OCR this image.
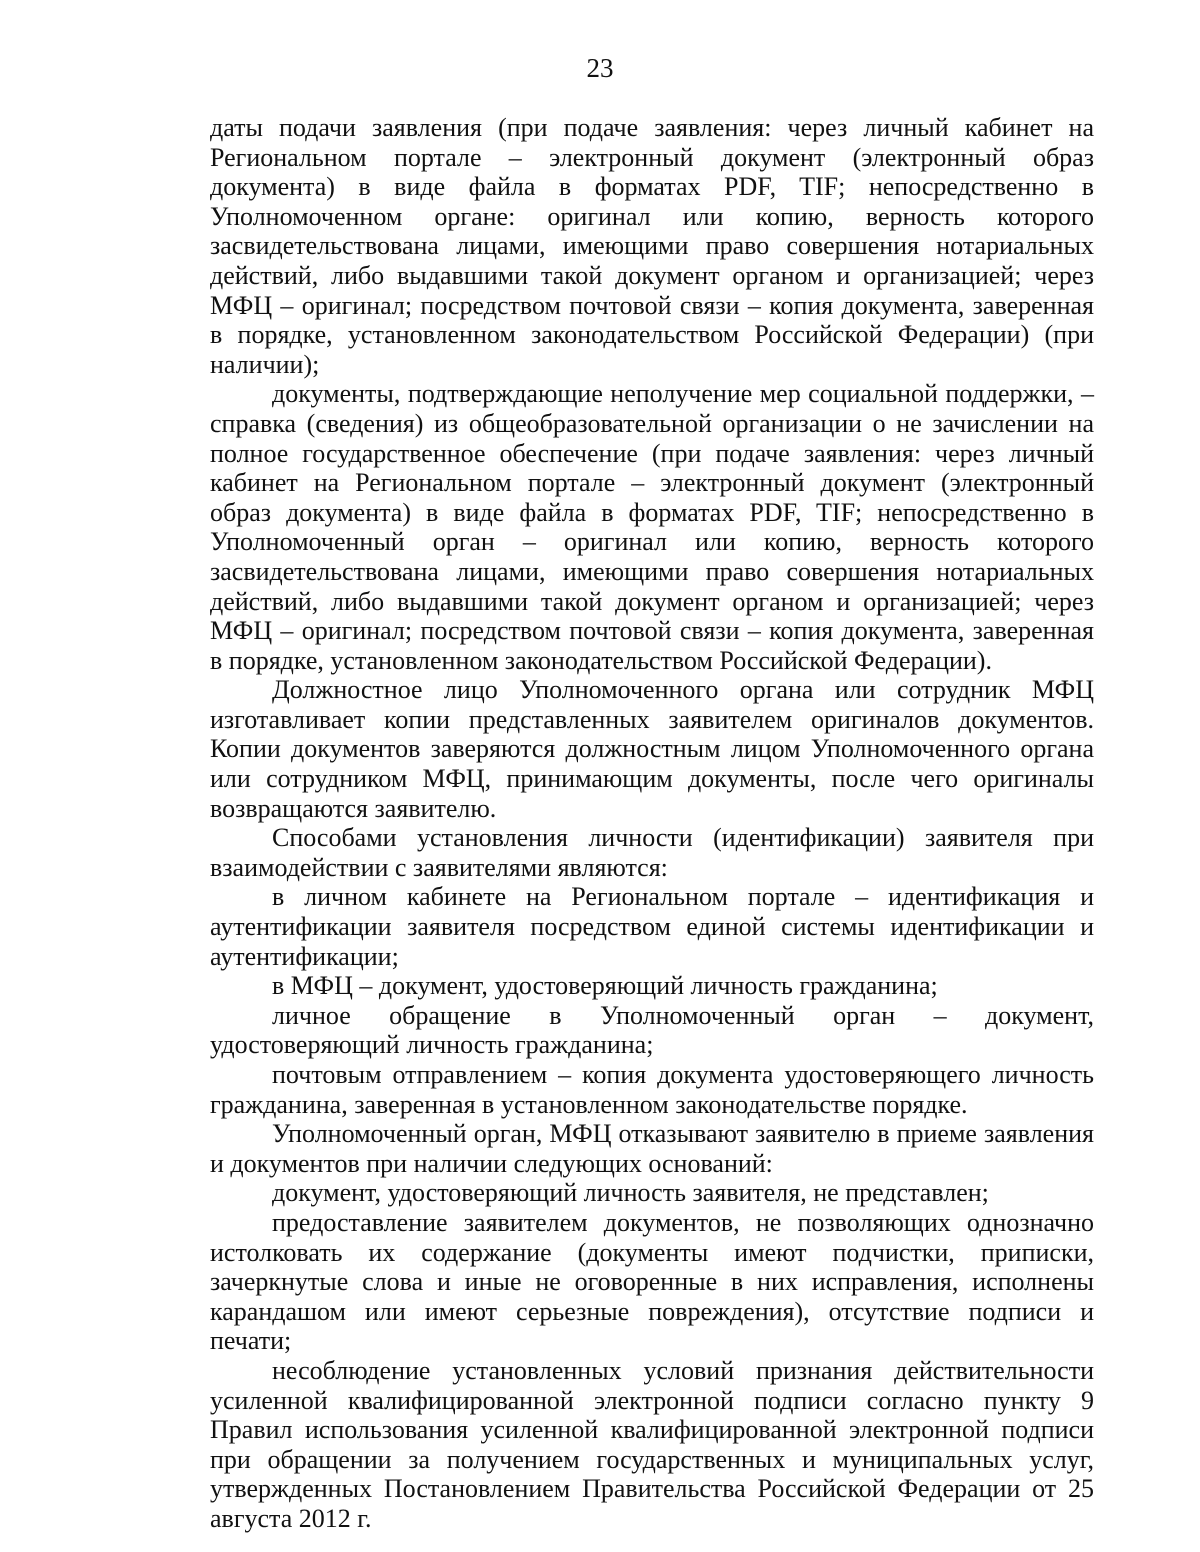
23

даты подачи заявления (при подаче заявления: через личный кабинет на Региональном портале – электронный документ (электронный образ документа) в виде файла в форматах PDF, TIF; непосредственно в Уполномоченном органе: оригинал или копию, верность которого засвидетельствована лицами, имеющими право совершения нотариальных действий, либо выдавшими такой документ органом и организацией; через МФЦ – оригинал; посредством почтовой связи – копия документа, заверенная в порядке, установленном законодательством Российской Федерации) (при наличии);

документы, подтверждающие неполучение мер социальной поддержки, – справка (сведения) из общеобразовательной организации о не зачислении на полное государственное обеспечение (при подаче заявления: через личный кабинет на Региональном портале – электронный документ (электронный образ документа) в виде файла в форматах PDF, TIF; непосредственно в Уполномоченный орган – оригинал или копию, верность которого засвидетельствована лицами, имеющими право совершения нотариальных действий, либо выдавшими такой документ органом и организацией; через МФЦ – оригинал; посредством почтовой связи – копия документа, заверенная в порядке, установленном законодательством Российской Федерации).

Должностное лицо Уполномоченного органа или сотрудник МФЦ изготавливает копии представленных заявителем оригиналов документов. Копии документов заверяются должностным лицом Уполномоченного органа или сотрудником МФЦ, принимающим документы, после чего оригиналы возвращаются заявителю.

Способами установления личности (идентификации) заявителя при взаимодействии с заявителями являются:

в личном кабинете на Региональном портале – идентификация и аутентификации заявителя посредством единой системы идентификации и аутентификации;

в МФЦ – документ, удостоверяющий личность гражданина;

личное обращение в Уполномоченный орган – документ, удостоверяющий личность гражданина;

почтовым отправлением – копия документа удостоверяющего личность гражданина, заверенная в установленном законодательстве порядке.

Уполномоченный орган, МФЦ отказывают заявителю в приеме заявления и документов при наличии следующих оснований:

документ, удостоверяющий личность заявителя, не представлен;

предоставление заявителем документов, не позволяющих однозначно истолковать их содержание (документы имеют подчистки, приписки, зачеркнутые слова и иные не оговоренные в них исправления, исполнены карандашом или имеют серьезные повреждения), отсутствие подписи и печати;

несоблюдение установленных условий признания действительности усиленной квалифицированной электронной подписи согласно пункту 9 Правил использования усиленной квалифицированной электронной подписи при обращении за получением государственных и муниципальных услуг, утвержденных Постановлением Правительства Российской Федерации от 25 августа 2012 г.
